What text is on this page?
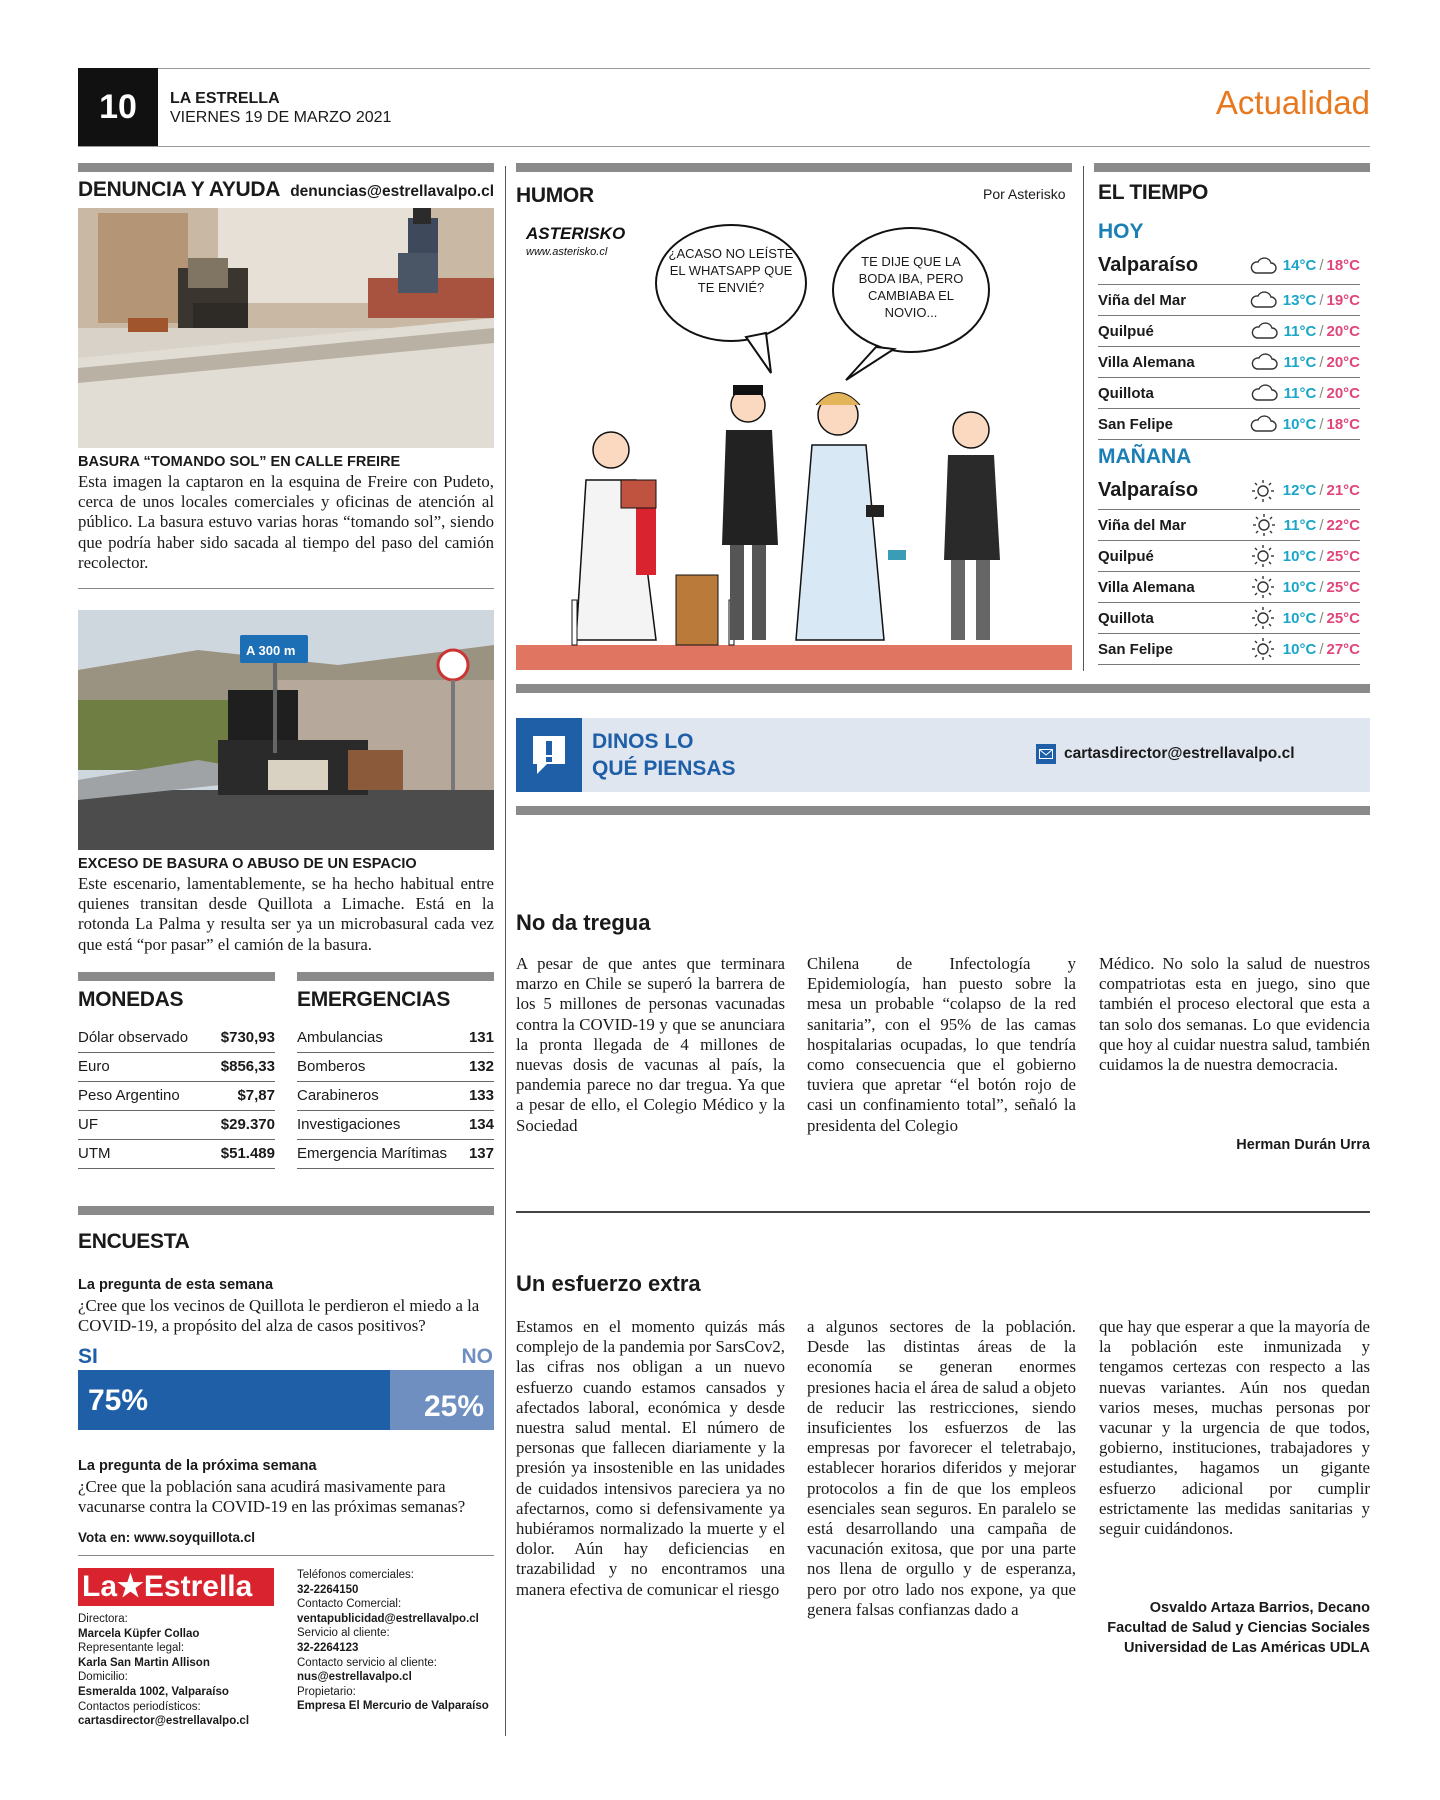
10	LA ESTRELLA
VIERNES 19 DE MARZO 2021	Actualidad
DENUNCIA Y AYUDA denuncias@estrellavalpo.cl
BASURA “TOMANDO SOL” EN CALLE FREIRE
Esta imagen la captaron en la esquina de Freire con Pudeto, cerca de unos locales comerciales y oficinas de atención al público. La basura estuvo varias horas “tomando sol”, siendo que podría haber sido sacada al tiempo del paso del camión recolector.
A 300 m
EXCESO DE BASURA O ABUSO DE UN ESPACIO
Este escenario, lamentablemente, se ha hecho habitual entre quienes transitan desde Quillota a Limache. Está en la rotonda La Palma y resulta ser ya un microbasural cada vez que está “por pasar” el camión de la basura.
MONEDAS
Dólar observado	$730,93
Euro	$856,33
Peso Argentino	$7,87
UF	$29.370
UTM	$51.489
EMERGENCIAS
Ambulancias	131
Bomberos	132
Carabineros	133
Investigaciones	134
Emergencia Marítimas	137
ENCUESTA
La pregunta de esta semana
¿Cree que los vecinos de Quillota le perdieron el miedo a la COVID-19, a propósito del alza de casos positivos?
SI	NO
75%	25%
La pregunta de la próxima semana
¿Cree que la población sana acudirá masivamente para vacunarse contra la COVID-19 en las próximas semanas?
Vota en: www.soyquillota.cl
La★Estrella
Directora:
Marcela Küpfer Collao
Representante legal:
Karla San Martin Allison
Domicilio:
Esmeralda 1002, Valparaíso
Contactos periodísticos:
cartasdirector@estrellavalpo.cl
Teléfonos comerciales:
32-2264150
Contacto Comercial:
ventapublicidad@estrellavalpo.cl
Servicio al cliente:
32-2264123
Contacto servicio al cliente:
nus@estrellavalpo.cl
Propietario:
Empresa El Mercurio de Valparaíso
HUMOR	Por Asterisko
ASTERISKO
www.asterisko.cl	¿ACASO NO LEÍSTE EL WHATSAPP QUE TE ENVIÉ?
TE DIJE QUE LA BODA IBA, PERO CAMBIABA EL NOVIO...
EL TIEMPO
HOY
Valparaíso	14°C / 18°C
Viña del Mar	13°C / 19°C
Quilpué	11°C / 20°C
Villa Alemana	11°C / 20°C
Quillota	11°C / 20°C
San Felipe	10°C / 18°C
MAÑANA
Valparaíso	12°C / 21°C
Viña del Mar	11°C / 22°C
Quilpué	10°C / 25°C
Villa Alemana	10°C / 25°C
Quillota	10°C / 25°C
San Felipe	10°C / 27°C
DINOS LO
QUÉ PIENSAS
cartasdirector@estrellavalpo.cl
No da tregua
A pesar de que antes que terminara marzo en Chile se superó la barrera de los 5 millones de personas vacunadas contra la COVID-19 y que se anunciara la pronta llegada de 4 millones de nuevas dosis de vacunas al país, la pandemia parece no dar tregua. Ya que a pesar de ello, el Colegio Médico y la Sociedad
Chilena de Infectología y Epidemiología, han puesto sobre la mesa un probable “colapso de la red sanitaria”, con el 95% de las camas hospitalarias ocupadas, lo que tendría como consecuencia que el gobierno tuviera que apretar “el botón rojo de casi un confinamiento total”, señaló la presidenta del Colegio
Médico. No solo la salud de nuestros compatriotas esta en juego, sino que también el proceso electoral que esta a tan solo dos semanas. Lo que evidencia que hoy al cuidar nuestra salud, también cuidamos la de nuestra democracia.
Herman Durán Urra
Un esfuerzo extra
Estamos en el momento quizás más complejo de la pandemia por SarsCov2, las cifras nos obligan a un nuevo esfuerzo cuando estamos cansados y afectados laboral, económica y desde nuestra salud mental. El número de personas que fallecen diariamente y la presión ya insostenible en las unidades de cuidados intensivos pareciera ya no afectarnos, como si defensivamente ya hubiéramos normalizado la muerte y el dolor. Aún hay deficiencias en trazabilidad y no encontramos una manera efectiva de comunicar el riesgo
a algunos sectores de la población. Desde las distintas áreas de la economía se generan enormes presiones hacia el área de salud a objeto de reducir las restricciones, siendo insuficientes los esfuerzos de las empresas por favorecer el teletrabajo, establecer horarios diferidos y mejorar protocolos a fin de que los empleos esenciales sean seguros. En paralelo se está desarrollando una campaña de vacunación exitosa, que por una parte nos llena de orgullo y de esperanza, pero por otro lado nos expone, ya que genera falsas confianzas dado a
que hay que esperar a que la mayoría de la población este inmunizada y tengamos certezas con respecto a las nuevas variantes. Aún nos quedan varios meses, muchas personas por vacunar y la urgencia de que todos, gobierno, instituciones, trabajadores y estudiantes, hagamos un gigante esfuerzo adicional por cumplir estrictamente las medidas sanitarias y seguir cuidándonos.
Osvaldo Artaza Barrios, Decano
Facultad de Salud y Ciencias Sociales
Universidad de Las Américas UDLA
